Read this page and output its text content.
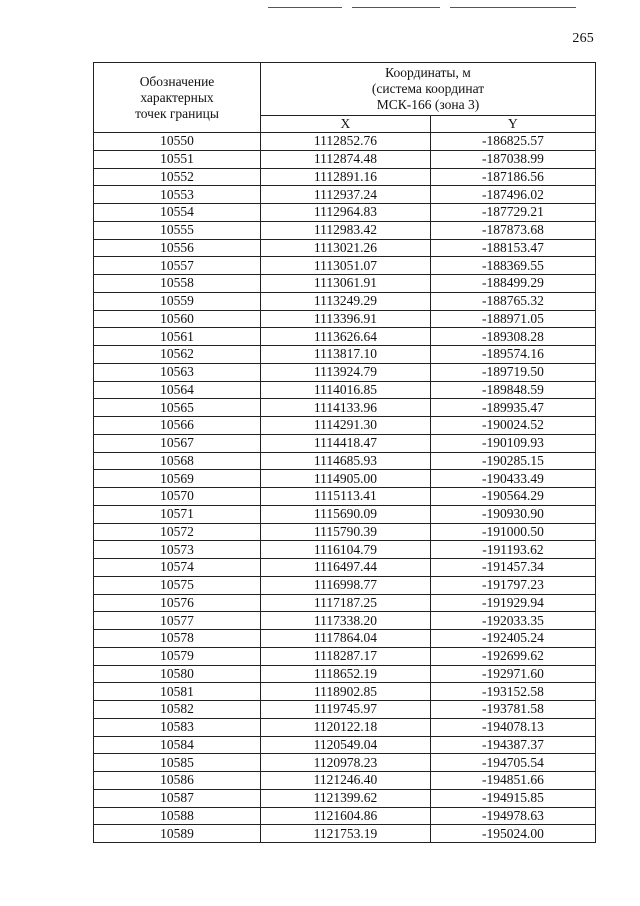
265
Обозначение
характерных
точек границы	Координаты, м
(система координат
МСК-166 (зона 3)	

	X	Y
10550	1112852.76	-186825.57
10551	1112874.48	-187038.99
10552	1112891.16	-187186.56
10553	1112937.24	-187496.02
10554	1112964.83	-187729.21
10555	1112983.42	-187873.68
10556	1113021.26	-188153.47
10557	1113051.07	-188369.55
10558	1113061.91	-188499.29
10559	1113249.29	-188765.32
10560	1113396.91	-188971.05
10561	1113626.64	-189308.28
10562	1113817.10	-189574.16
10563	1113924.79	-189719.50
10564	1114016.85	-189848.59
10565	1114133.96	-189935.47
10566	1114291.30	-190024.52
10567	1114418.47	-190109.93
10568	1114685.93	-190285.15
10569	1114905.00	-190433.49
10570	1115113.41	-190564.29
10571	1115690.09	-190930.90
10572	1115790.39	-191000.50
10573	1116104.79	-191193.62
10574	1116497.44	-191457.34
10575	1116998.77	-191797.23
10576	1117187.25	-191929.94
10577	1117338.20	-192033.35
10578	1117864.04	-192405.24
10579	1118287.17	-192699.62
10580	1118652.19	-192971.60
10581	1118902.85	-193152.58
10582	1119745.97	-193781.58
10583	1120122.18	-194078.13
10584	1120549.04	-194387.37
10585	1120978.23	-194705.54
10586	1121246.40	-194851.66
10587	1121399.62	-194915.85
10588	1121604.86	-194978.63
10589	1121753.19	-195024.00
